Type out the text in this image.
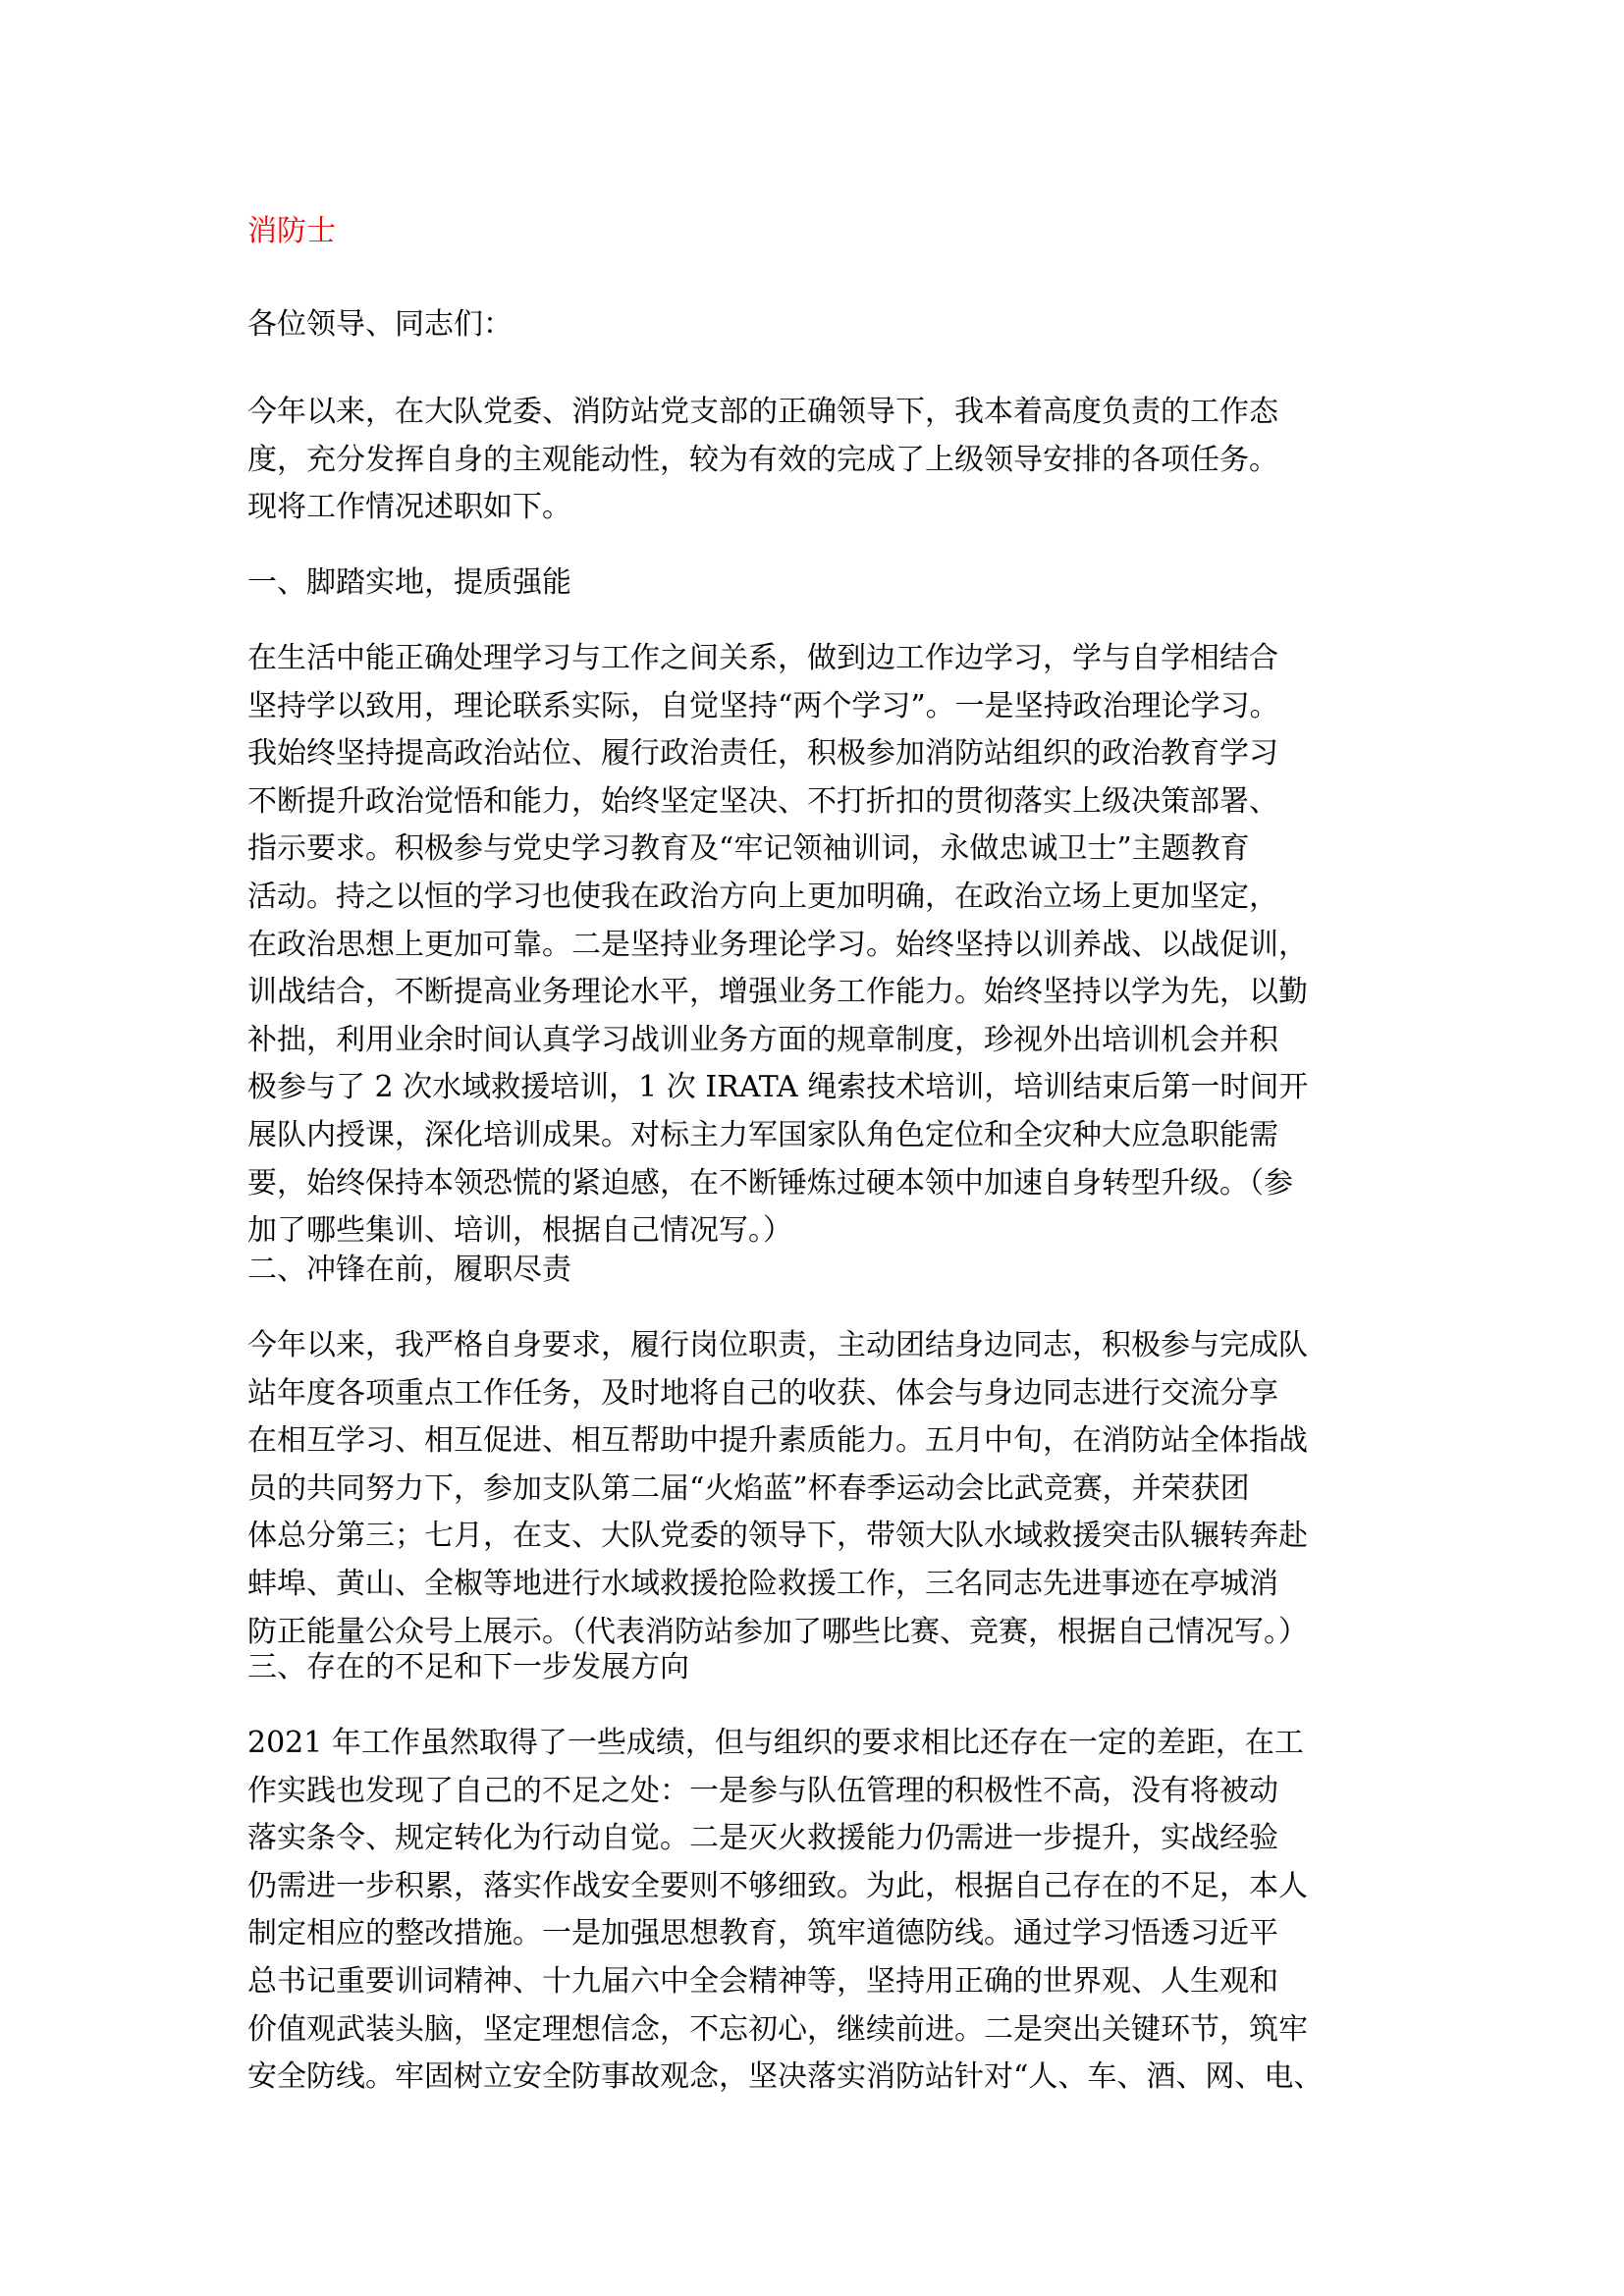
消防士
各位领导、同志们：
今年以来，在大队党委、消防站党支部的正确领导下，我本着高度负责的工作态
度，充分发挥自身的主观能动性，较为有效的完成了上级领导安排的各项任务。
现将工作情况述职如下。
一、脚踏实地，提质强能
在生活中能正确处理学习与工作之间关系，做到边工作边学习，学与自学相结合
坚持学以致用，理论联系实际，自觉坚持“两个学习”。一是坚持政治理论学习。
我始终坚持提高政治站位、履行政治责任，积极参加消防站组织的政治教育学习
不断提升政治觉悟和能力，始终坚定坚决、不打折扣的贯彻落实上级决策部署、
指示要求。积极参与党史学习教育及“牢记领袖训词，永做忠诚卫士”主题教育
活动。持之以恒的学习也使我在政治方向上更加明确，在政治立场上更加坚定，
在政治思想上更加可靠。二是坚持业务理论学习。始终坚持以训养战、以战促训，
训战结合，不断提高业务理论水平，增强业务工作能力。始终坚持以学为先，以勤
补拙，利用业余时间认真学习战训业务方面的规章制度，珍视外出培训机会并积
极参与了 2 次水域救援培训，1 次 IRATA 绳索技术培训，培训结束后第一时间开
展队内授课，深化培训成果。对标主力军国家队角色定位和全灾种大应急职能需
要，始终保持本领恐慌的紧迫感，在不断锤炼过硬本领中加速自身转型升级。（参
加了哪些集训、培训，根据自己情况写。）
二、冲锋在前，履职尽责
今年以来，我严格自身要求，履行岗位职责，主动团结身边同志，积极参与完成队
站年度各项重点工作任务，及时地将自己的收获、体会与身边同志进行交流分享
在相互学习、相互促进、相互帮助中提升素质能力。五月中旬，在消防站全体指战
员的共同努力下，参加支队第二届“火焰蓝”杯春季运动会比武竞赛，并荣获团
体总分第三；七月，在支、大队党委的领导下，带领大队水域救援突击队辗转奔赴
蚌埠、黄山、全椒等地进行水域救援抢险救援工作，三名同志先进事迹在亭城消
防正能量公众号上展示。（代表消防站参加了哪些比赛、竞赛，根据自己情况写。）
三、存在的不足和下一步发展方向
2021 年工作虽然取得了一些成绩，但与组织的要求相比还存在一定的差距，在工
作实践也发现了自己的不足之处：一是参与队伍管理的积极性不高，没有将被动
落实条令、规定转化为行动自觉。二是灭火救援能力仍需进一步提升，实战经验
仍需进一步积累，落实作战安全要则不够细致。为此，根据自己存在的不足，本人
制定相应的整改措施。一是加强思想教育，筑牢道德防线。通过学习悟透习近平
总书记重要训词精神、十九届六中全会精神等，坚持用正确的世界观、人生观和
价值观武装头脑，坚定理想信念，不忘初心，继续前进。二是突出关键环节，筑牢
安全防线。牢固树立安全防事故观念，坚决落实消防站针对“人、车、酒、网、电、
